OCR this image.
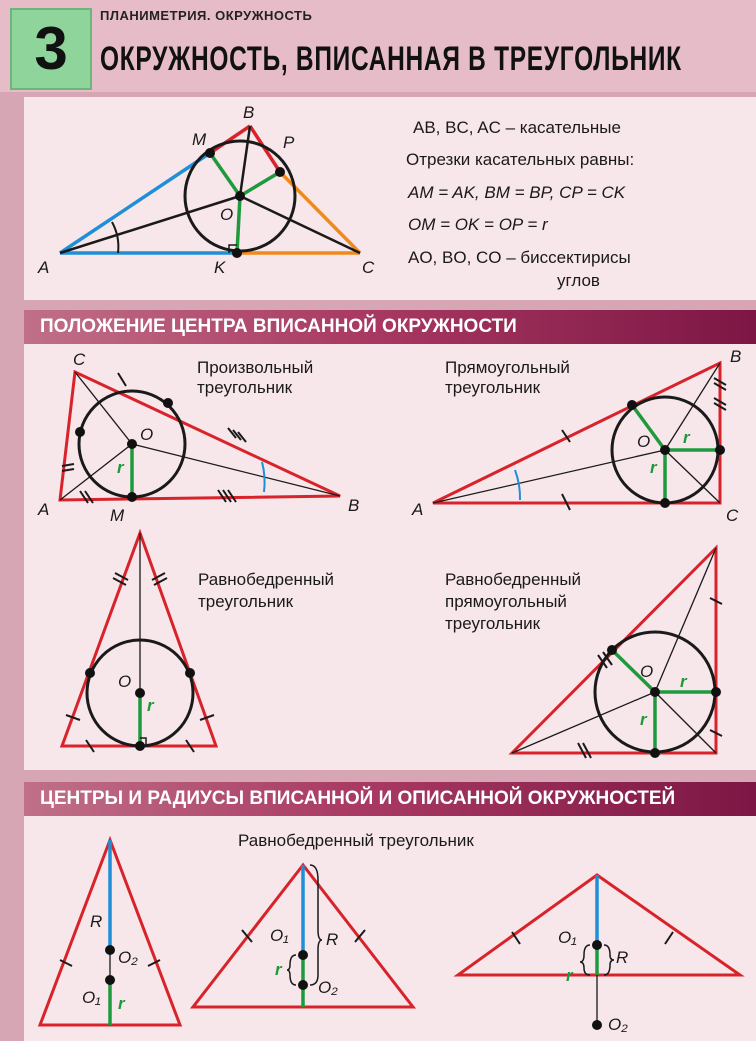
3	ПЛАНИМЕТРИЯ. ОКРУЖНОСТЬ
ОКРУЖНОСТЬ, ВПИСАННАЯ В ТРЕУГОЛЬНИК
ПОЛОЖЕНИЕ ЦЕНТРА ВПИСАННОЙ ОКРУЖНОСТИ
ЦЕНТРЫ И РАДИУСЫ ВПИСАННОЙ И ОПИСАННОЙ ОКРУЖНОСТЕЙ
A
B
C
M	P
K
O
AB, BC, AC – касательные
Отрезки касательных равны:
AM = AK, BM = BP, CP = CK
OM = OK = OP = r
AO, BO, CO – биссектирисы
углов
Произвольный
треугольник
C
A	B
M
O
r
Прямоугольный
треугольник
A
B
C
O r
r
Равнобедренный
треугольник
O
r
Равнобедренный
прямоугольный
треугольник
O
r
r
Равнобедренный треугольник
R
O₂
O₁ r
O₁ R
r
O₂
O₁
R
r
O₂
